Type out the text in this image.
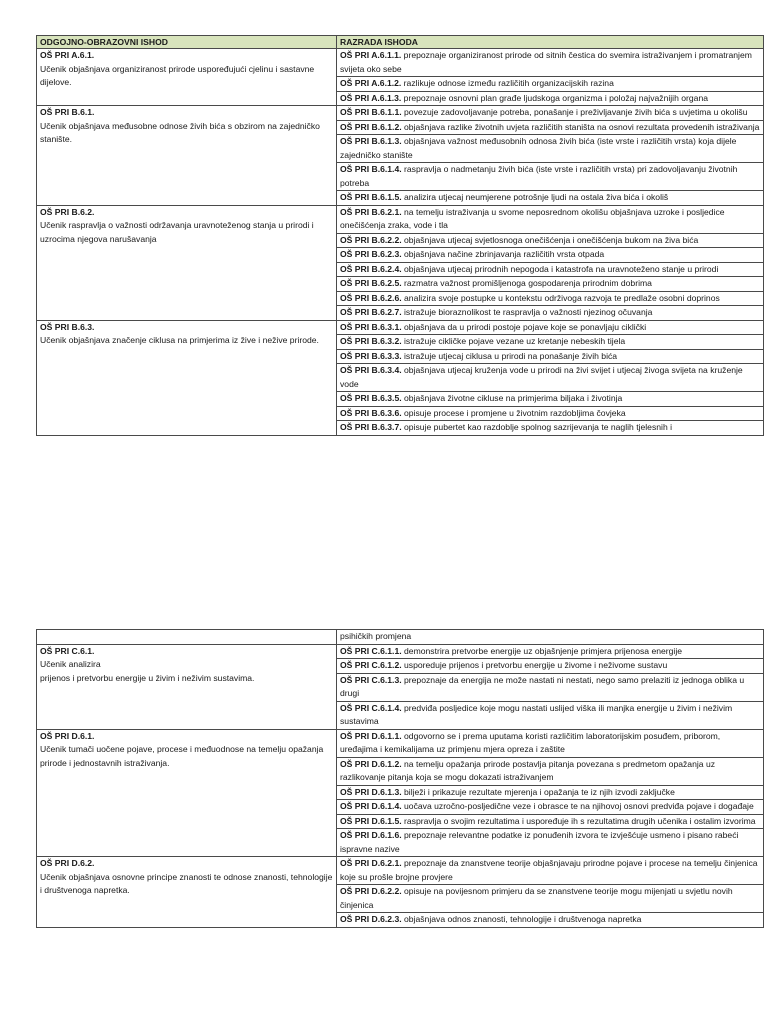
ODGOJNO-OBRAZOVNI ISHOD	RAZRADA ISHODA

OŠ PRI A.6.1.
Učenik objašnjava organiziranost prirode uspoređujući cjelinu i sastavne dijelove.	OŠ PRI A.6.1.1. prepoznaje organiziranost prirode od sitnih čestica do svemira istraživanjem i promatranjem svijeta oko sebe
	OŠ PRI A.6.1.2. razlikuje odnose između različitih organizacijskih razina
	OŠ PRI A.6.1.3. prepoznaje osnovni plan građe ljudskoga organizma i položaj najvažnijih organa

OŠ PRI B.6.1.
Učenik objašnjava međusobne odnose živih bića s obzirom na zajedničko stanište.	OŠ PRI B.6.1.1. povezuje zadovoljavanje potreba, ponašanje i preživljavanje živih bića s uvjetima u okolišu
	OŠ PRI B.6.1.2. objašnjava razlike životnih uvjeta različitih staništa na osnovi rezultata provedenih istraživanja
	OŠ PRI B.6.1.3. objašnjava važnost međusobnih odnosa živih bića (iste vrste i različitih vrsta) koja dijele zajedničko stanište
	OŠ PRI B.6.1.4. raspravlja o nadmetanju živih bića (iste vrste i različitih vrsta) pri zadovoljavanju životnih potreba
	OŠ PRI B.6.1.5. analizira utjecaj neumjerene potrošnje ljudi na ostala živa bića i okoliš

OŠ PRI B.6.2.
Učenik raspravlja o važnosti održavanja uravnoteženog stanja u prirodi i uzrocima njegova narušavanja	OŠ PRI B.6.2.1. na temelju istraživanja u svome neposrednom okolišu objašnjava uzroke i posljedice onečišćenja zraka, vode i tla
	OŠ PRI B.6.2.2. objašnjava utjecaj svjetlosnoga onečišćenja i onečišćenja bukom na živa bića
	OŠ PRI B.6.2.3. objašnjava načine zbrinjavanja različitih vrsta otpada
	OŠ PRI B.6.2.4. objašnjava utjecaj prirodnih nepogoda i katastrofa na uravnoteženo stanje u prirodi
	OŠ PRI B.6.2.5. razmatra važnost promišljenoga gospodarenja prirodnim dobrima
	OŠ PRI B.6.2.6. analizira svoje postupke u kontekstu održivoga razvoja te predlaže osobni doprinos
	OŠ PRI B.6.2.7. istražuje bioraznolikost te raspravlja o važnosti njezinog očuvanja

OŠ PRI B.6.3.
Učenik objašnjava značenje ciklusa na primjerima iz žive i nežive prirode.	OŠ PRI B.6.3.1. objašnjava da u prirodi postoje pojave koje se ponavljaju ciklički
	OŠ PRI B.6.3.2. istražuje cikličke pojave vezane uz kretanje nebeskih tijela
	OŠ PRI B.6.3.3. istražuje utjecaj ciklusa u prirodi na ponašanje živih bića
	OŠ PRI B.6.3.4. objašnjava utjecaj kruženja vode u prirodi na živi svijet i utjecaj živoga svijeta na kruženje vode
	OŠ PRI B.6.3.5. objašnjava životne cikluse na primjerima biljaka i životinja
	OŠ PRI B.6.3.6. opisuje procese i promjene u životnim razdobljima čovjeka
	OŠ PRI B.6.3.7. opisuje pubertet kao razdoblje spolnog sazrijevanja te naglih tjelesnih i
	psihičkih promjena

OŠ PRI C.6.1.
Učenik analizira
prijenos i pretvorbu energije u živim i neživim sustavima.	OŠ PRI C.6.1.1. demonstrira pretvorbe energije uz objašnjenje primjera prijenosa energije
	OŠ PRI C.6.1.2. usporeduje prijenos i pretvorbu energije u živome i neživome sustavu
	OŠ PRI C.6.1.3. prepoznaje da energija ne može nastati ni nestati, nego samo prelaziti iz jednoga oblika u drugi
	OŠ PRI C.6.1.4. predviđa posljedice koje mogu nastati uslijed viška ili manjka energije u živim i neživim sustavima

OŠ PRI D.6.1.
Učenik tumači uočene pojave, procese i međuodnose na temelju opažanja prirode i jednostavnih istraživanja.	OŠ PRI D.6.1.1. odgovorno se i prema uputama koristi različitim laboratorijskim posuđem, priborom, uređajima i kemikalijama uz primjenu mjera opreza i zaštite
	OŠ PRI D.6.1.2. na temelju opažanja prirode postavlja pitanja povezana s predmetom opažanja uz razlikovanje pitanja koja se mogu dokazati istraživanjem
	OŠ PRI D.6.1.3. bilježi i prikazuje rezultate mjerenja i opažanja te iz njih izvodi zaključke
	OŠ PRI D.6.1.4. uočava uzročno-posljedične veze i obrasce te na njihovoj osnovi predviđa pojave i događaje
	OŠ PRI D.6.1.5. raspravlja o svojim rezultatima i uspoređuje ih s rezultatima drugih učenika i ostalim izvorima
	OŠ PRI D.6.1.6. prepoznaje relevantne podatke iz ponuđenih izvora te izvješćuje usmeno i pisano rabeći ispravne nazive

OŠ PRI D.6.2.
Učenik objašnjava osnovne principe znanosti te odnose znanosti, tehnologije i društvenoga napretka.	OŠ PRI D.6.2.1. prepoznaje da znanstvene teorije objašnjavaju prirodne pojave i procese na temelju činjenica koje su prošle brojne provjere
	OŠ PRI D.6.2.2. opisuje na povijesnom primjeru da se znanstvene teorije mogu mijenjati u svjetlu novih činjenica
	OŠ PRI D.6.2.3. objašnjava odnos znanosti, tehnologije i društvenoga napretka
